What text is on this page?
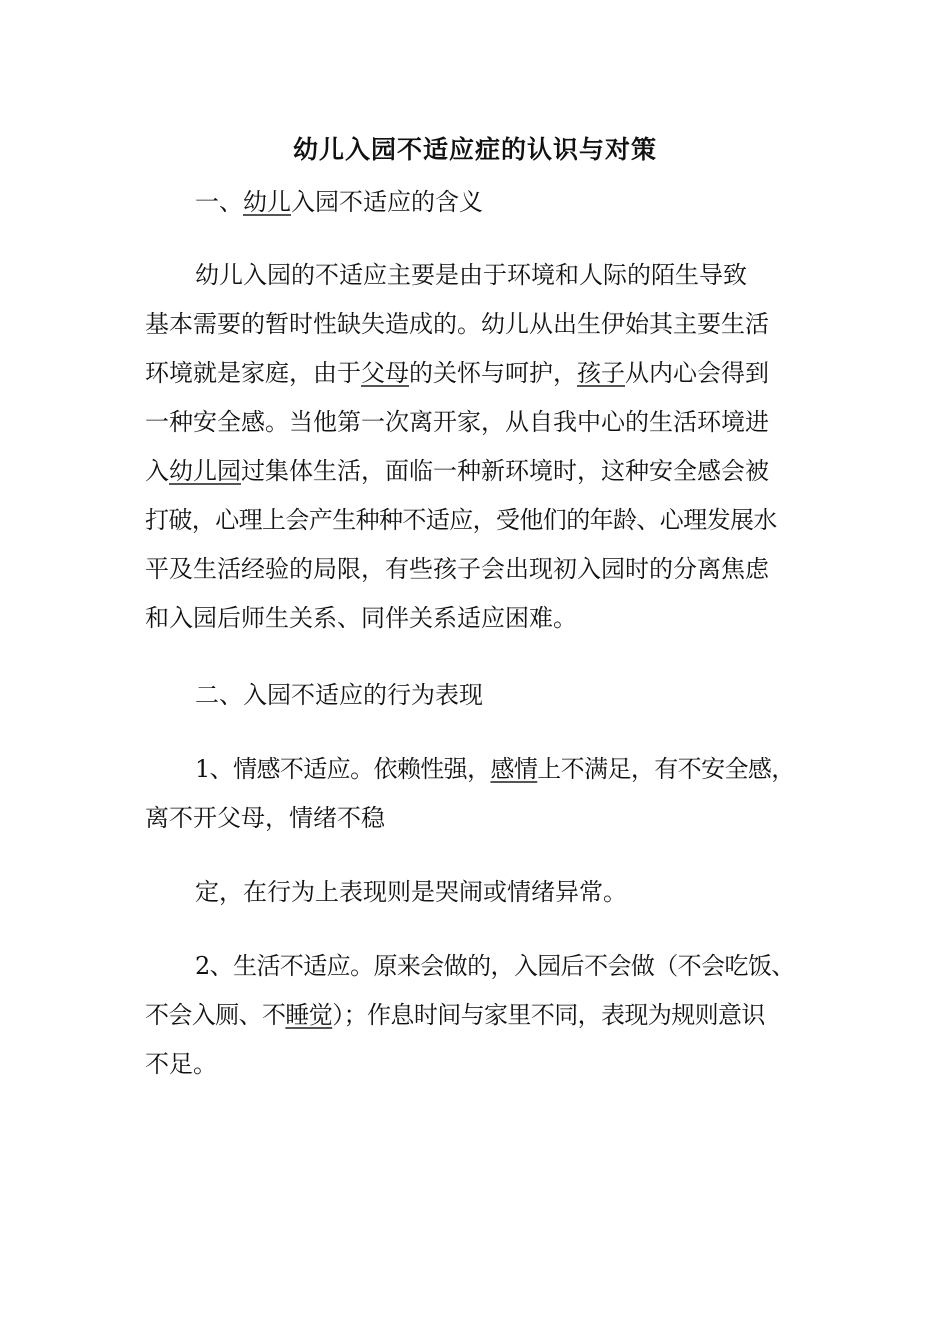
幼儿入园不适应症的认识与对策
一、幼儿入园不适应的含义
幼儿入园的不适应主要是由于环境和人际的陌生导致
基本需要的暂时性缺失造成的。幼儿从出生伊始其主要生活
环境就是家庭，由于父母的关怀与呵护，孩子从内心会得到
一种安全感。当他第一次离开家，从自我中心的生活环境进
入幼儿园过集体生活，面临一种新环境时，这种安全感会被
打破，心理上会产生种种不适应，受他们的年龄、心理发展水
平及生活经验的局限，有些孩子会出现初入园时的分离焦虑
和入园后师生关系、同伴关系适应困难。
二、入园不适应的行为表现
1、情感不适应。依赖性强，感情上不满足，有不安全感，
离不开父母，情绪不稳
定，在行为上表现则是哭闹或情绪异常。
2、生活不适应。原来会做的，入园后不会做（不会吃饭、
不会入厕、不睡觉）；作息时间与家里不同，表现为规则意识
不足。
